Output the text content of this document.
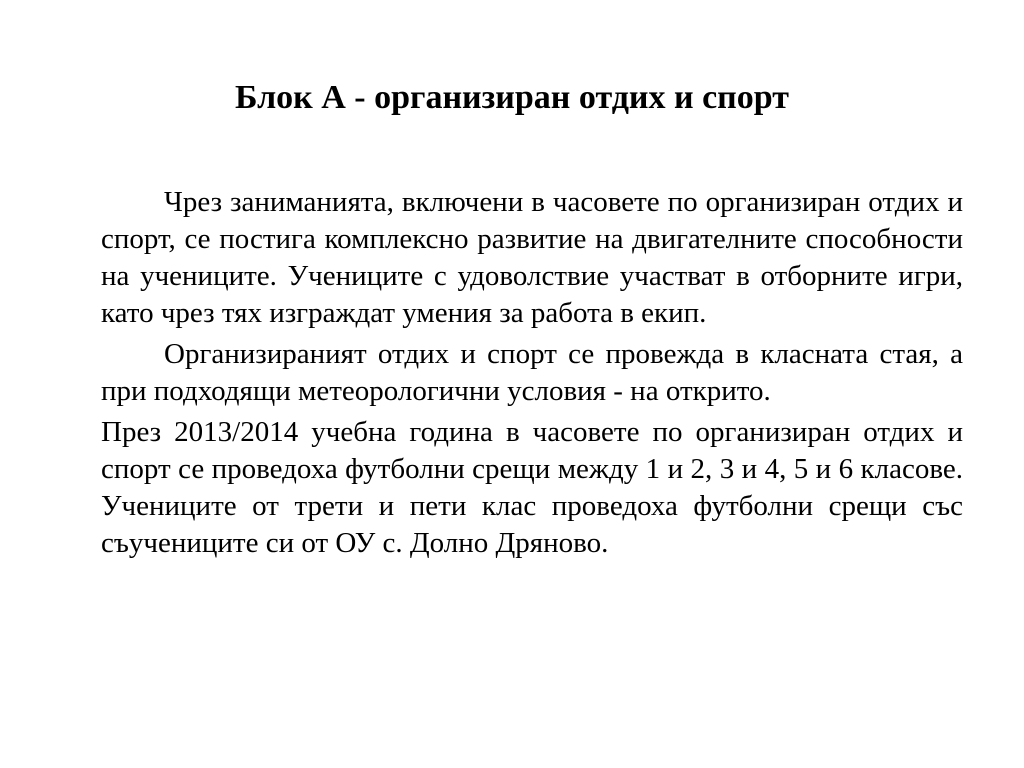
Блок А - организиран отдих и спорт

Чрез заниманията, включени в часовете по организиран отдих и спорт, се постига комплексно развитие на двигателните способности на учениците. Учениците с удоволствие участват в отборните игри, като чрез тях изграждат умения за работа в екип.

Организираният отдих и спорт се провежда в класната стая, а при подходящи метеорологични условия - на открито.

През 2013/2014 учебна година в часовете по организиран отдих и спорт се проведоха футболни срещи между 1 и 2, 3 и 4, 5 и 6 класове. Учениците от трети и пети клас проведоха футболни срещи със съучениците си от ОУ с. Долно Дряново.
